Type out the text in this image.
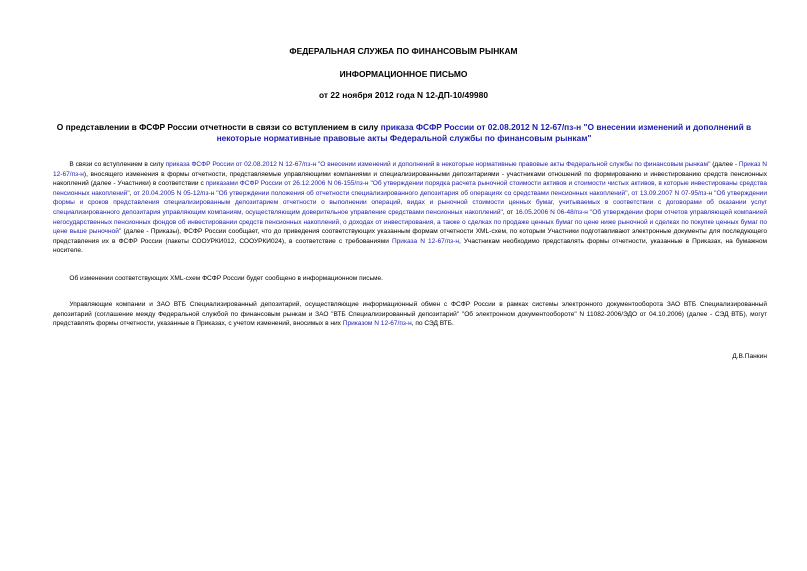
ФЕДЕРАЛЬНАЯ СЛУЖБА ПО ФИНАНСОВЫМ РЫНКАМ
ИНФОРМАЦИОННОЕ ПИСЬМО
от 22 ноября 2012 года N 12-ДП-10/49980
О представлении в ФСФР России отчетности в связи со вступлением в силу приказа ФСФР России от 02.08.2012 N 12-67/пз-н "О внесении изменений и дополнений в некоторые нормативные правовые акты Федеральной службы по финансовым рынкам"
   В связи со вступлением в силу приказа ФСФР России от 02.08.2012 N 12-67/пз-н "О внесении изменений и дополнений в некоторые нормативные правовые акты Федеральной службы по финансовым рынкам" (далее - Приказ N 12-67/пз-н), вносящего изменения в формы отчетности, представляемые управляющими компаниями и специализированными депозитариями - участниками отношений по формированию и инвестированию средств пенсионных накоплений (далее - Участники) в соответствии с приказами ФСФР России от 26.12.2006 N 06-155/пз-н "Об утверждении порядка расчета рыночной стоимости активов и стоимости чистых активов, в которые инвестированы средства пенсионных накоплений", от 20.04.2005 N 05-12/пз-н "Об утверждении положения об отчетности специализированного депозитария об операциях со средствами пенсионных накоплений", от 13.09.2007 N 07-95/пз-н "Об утверждении формы и сроков представления специализированным депозитарием отчетности о выполнении операций, видах и рыночной стоимости ценных бумаг, учитываемых в соответствии с договорами об оказании услуг специализированного депозитария управляющим компаниям, осуществляющим доверительное управление средствами пенсионных накоплений", от 16.05.2006 N 06-48/пз-н "Об утверждении форм отчетов управляющей компанией негосударственных пенсионных фондов об инвестировании средств пенсионных накоплений, о доходах от инвестирования, а также о сделках по продаже ценных бумаг по цене ниже рыночной и сделках по покупке ценных бумаг по цене выше рыночной" (далее - Приказы), ФСФР России сообщает, что до приведения соответствующих указанным формам отчетности XML-схем, по которым Участники подготавливают электронные документы для последующего представления их в ФСФР России (пакеты СООУРКИ012, СООУРКИ024), в соответствие с требованиями Приказа N 12-67/пз-н, Участникам необходимо представлять формы отчетности, указанные в Приказах, на бумажном носителе.
   Об изменении соответствующих XML-схем ФСФР России будет сообщено в информационном письме.
   Управляющие компании и ЗАО ВТБ Специализированный депозитарий, осуществляющие информационный обмен с ФСФР России в рамках системы электронного документооборота ЗАО ВТБ Специализированный депозитарий (соглашение между Федеральной службой по финансовым рынкам и ЗАО "ВТБ Специализированный депозитарий" "Об электронном документообороте" N 11082-2006/ЭДО от 04.10.2006) (далее - СЭД ВТБ), могут представлять формы отчетности, указанные в Приказах, с учетом изменений, вносимых в них Приказом N 12-67/пз-н, по СЭД ВТБ.
Д.В.Панкин
